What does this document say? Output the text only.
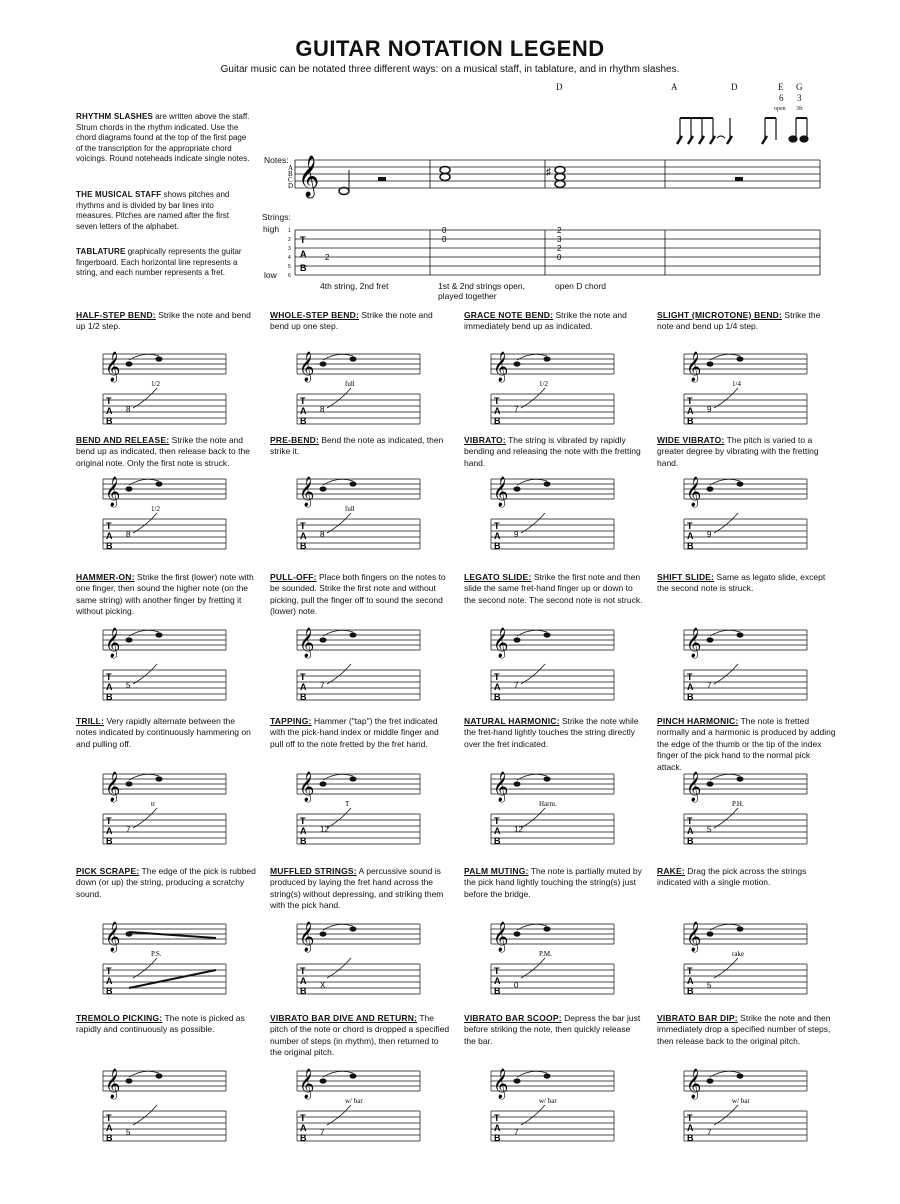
GUITAR NOTATION LEGEND
Guitar music can be notated three different ways: on a musical staff, in tablature, and in rhythm slashes.
D	A	D	E G
6 3
open 3fr
RHYTHM SLASHES are written above the staff. Strum chords in the rhythm indicated. Use the chord diagrams found at the top of the first page of the transcription for the appropriate chord voicings. Round noteheads indicate single notes.
THE MUSICAL STAFF shows pitches and rhythms and is divided by bar lines into measures. Pitches are named after the first seven letters of the alphabet.
TABLATURE graphically represents the guitar fingerboard. Each horizontal line represents a string, and each number represents a fret.
Notes:
Strings:
high
low
𝄞
A
B
C
D
♯
T
A
B
1
2
3
4
5
6
2
0
0
2
3
2
0
4th string, 2nd fret	1st & 2nd strings open,
played together
open D chord
HALF-STEP BEND: Strike the note and bend up 1/2 step.
𝄞
T
A
B
8
1/2
WHOLE-STEP BEND: Strike the note and bend up one step.
𝄞
T
A
B
8
full
GRACE NOTE BEND: Strike the note and immediately bend up as indicated.
𝄞
T
A
B
7
1/2
SLIGHT (MICROTONE) BEND: Strike the note and bend up 1/4 step.
𝄞
T
A
B
9
1/4
BEND AND RELEASE: Strike the note and bend up as indicated, then release back to the original note. Only the first note is struck.
𝄞
T
A
B
8
1/2
PRE-BEND: Bend the note as indicated, then strike it.
𝄞
T
A
B
8
full
VIBRATO: The string is vibrated by rapidly bending and releasing the note with the fretting hand.
𝄞
T
A
B
9
WIDE VIBRATO: The pitch is varied to a greater degree by vibrating with the fretting hand.
𝄞
T
A
B
9
HAMMER-ON: Strike the first (lower) note with one finger, then sound the higher note (on the same string) with another finger by fretting it without picking.
𝄞
T
A
B
5
PULL-OFF: Place both fingers on the notes to be sounded. Strike the first note and without picking, pull the finger off to sound the second (lower) note.
𝄞
T
A
B
7
LEGATO SLIDE: Strike the first note and then slide the same fret-hand finger up or down to the second note. The second note is not struck.
𝄞
T
A
B
7
SHIFT SLIDE: Same as legato slide, except the second note is struck.
𝄞
T
A
B
7
TRILL: Very rapidly alternate between the notes indicated by continuously hammering on and pulling off.
𝄞
T
A
B
7
tr
TAPPING: Hammer ("tap") the fret indicated with the pick-hand index or middle finger and pull off to the note fretted by the fret hand.
𝄞
T
A
B
12
T
NATURAL HARMONIC: Strike the note while the fret-hand lightly touches the string directly over the fret indicated.
𝄞
T
A
B
12
Harm.
PINCH HARMONIC: The note is fretted normally and a harmonic is produced by adding the edge of the thumb or the tip of the index finger of the pick hand to the normal pick attack.
𝄞
T
A
B
5
P.H.
PICK SCRAPE: The edge of the pick is rubbed down (or up) the string, producing a scratchy sound.
𝄞
T
A
B
P.S.
MUFFLED STRINGS: A percussive sound is produced by laying the fret hand across the string(s) without depressing, and striking them with the pick hand.
𝄞
T
A
B
X
PALM MUTING: The note is partially muted by the pick hand lightly touching the string(s) just before the bridge.
𝄞
T
A
B
0
P.M.
RAKE: Drag the pick across the strings indicated with a single motion.
𝄞
T
A
B
5
rake
TREMOLO PICKING: The note is picked as rapidly and continuously as possible.
𝄞
T
A
B
5
VIBRATO BAR DIVE AND RETURN: The pitch of the note or chord is dropped a specified number of steps (in rhythm), then returned to the original pitch.
𝄞
T
A
B
7
w/ bar
VIBRATO BAR SCOOP: Depress the bar just before striking the note, then quickly release the bar.
𝄞
T
A
B
7
w/ bar
VIBRATO BAR DIP: Strike the note and then immediately drop a specified number of steps, then release back to the original pitch.
𝄞
T
A
B
7
w/ bar
